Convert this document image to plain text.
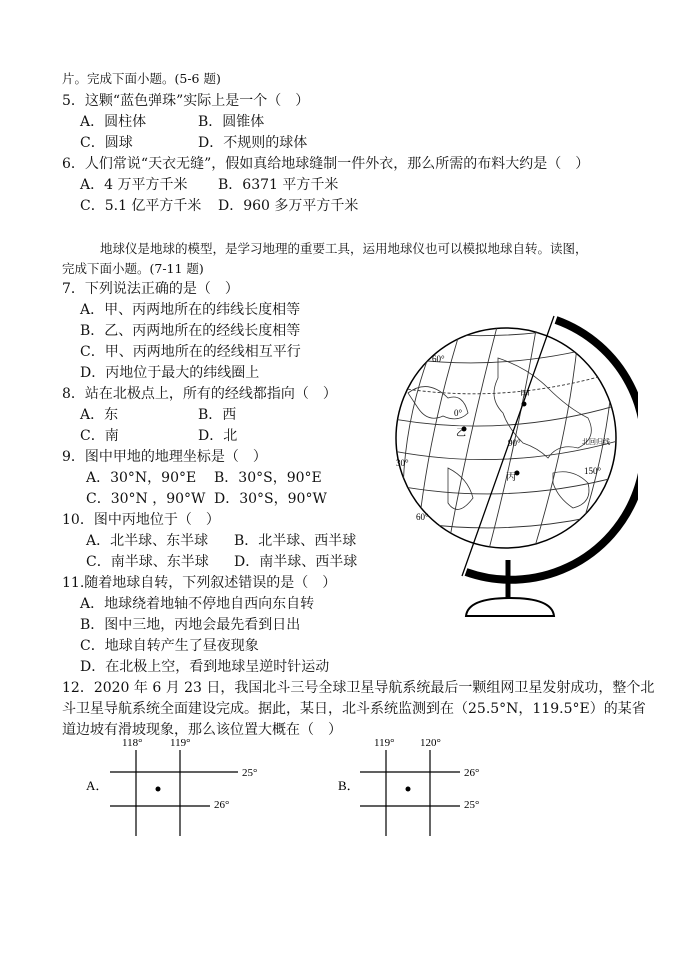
片。完成下面小题。(5-6 题)
5．这颗“蓝色弹珠”实际上是一个（　）
A．圆柱体	B．圆锥体
C．圆球	D．不规则的球体
6．人们常说“天衣无缝”，假如真给地球缝制一件外衣，那么所需的布料大约是（　）
A．4 万平方千米 B．6371 平方千米
C．5.1 亿平方千米 D．960 多万平方千米
地球仪是地球的模型，是学习地理的重要工具，运用地球仪也可以模拟地球自转。读图，
完成下面小题。(7-11 题)
7．下列说法正确的是（　）
A．甲、丙两地所在的纬线长度相等
B．乙、丙两地所在的经线长度相等
C．甲、丙两地所在的经线相互平行
D．丙地位于最大的纬线圈上
8．站在北极点上，所有的经线都指向（　）
A．东	B．西
C．南	D．北
9．图中甲地的地理坐标是（　）
A．30°N，90°E B．30°S，90°E
C．30°N ，90°W D．30°S，90°W
10．图中丙地位于（　）
A．北半球、东半球 B．北半球、西半球
C．南半球、东半球 D．南半球、西半球
11.随着地球自转，下列叙述错误的是（　）
A．地球绕着地轴不停地自西向东自转
B．图中三地，丙地会最先看到日出
C．地球自转产生了昼夜现象
D．在北极上空，看到地球呈逆时针运动
12．2020 年 6 月 23 日，我国北斗三号全球卫星导航系统最后一颗组网卫星发射成功，整个北
斗卫星导航系统全面建设完成。据此，某日，北斗系统监测到在（25.5°N，119.5°E）的某省
道边坡有滑坡现象，那么该位置大概在（　）
甲
乙
丙
60°
30°
90°
150°
60°
0°
北回归线
A．
118°	119°
25°
26°
B．
119° 120°
26°
25°
